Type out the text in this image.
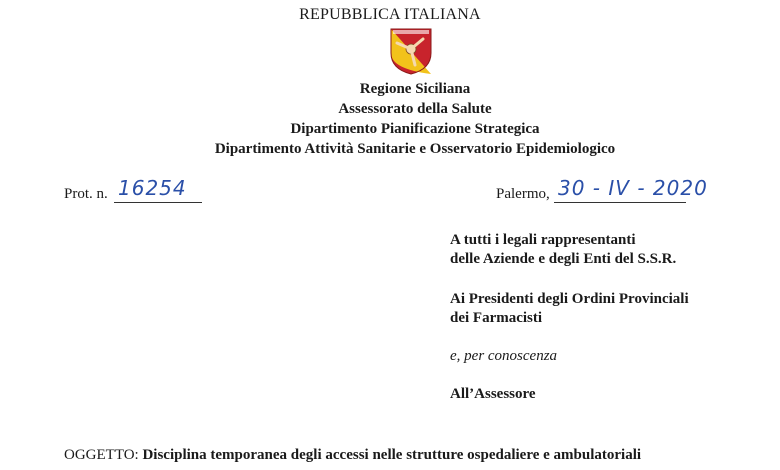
REPUBBLICA ITALIANA
Regione Siciliana
Assessorato della Salute
Dipartimento Pianificazione Strategica
Dipartimento Attività Sanitarie e Osservatorio Epidemiologico
Prot. n. 16254	Palermo, 30 - IV - 2020
A tutti i legali rappresentanti
delle Aziende e degli Enti del S.S.R.
Ai Presidenti degli Ordini Provinciali
dei Farmacisti
e, per conoscenza
All’Assessore
OGGETTO: Disciplina temporanea degli accessi nelle strutture ospedaliere e ambulatoriali
